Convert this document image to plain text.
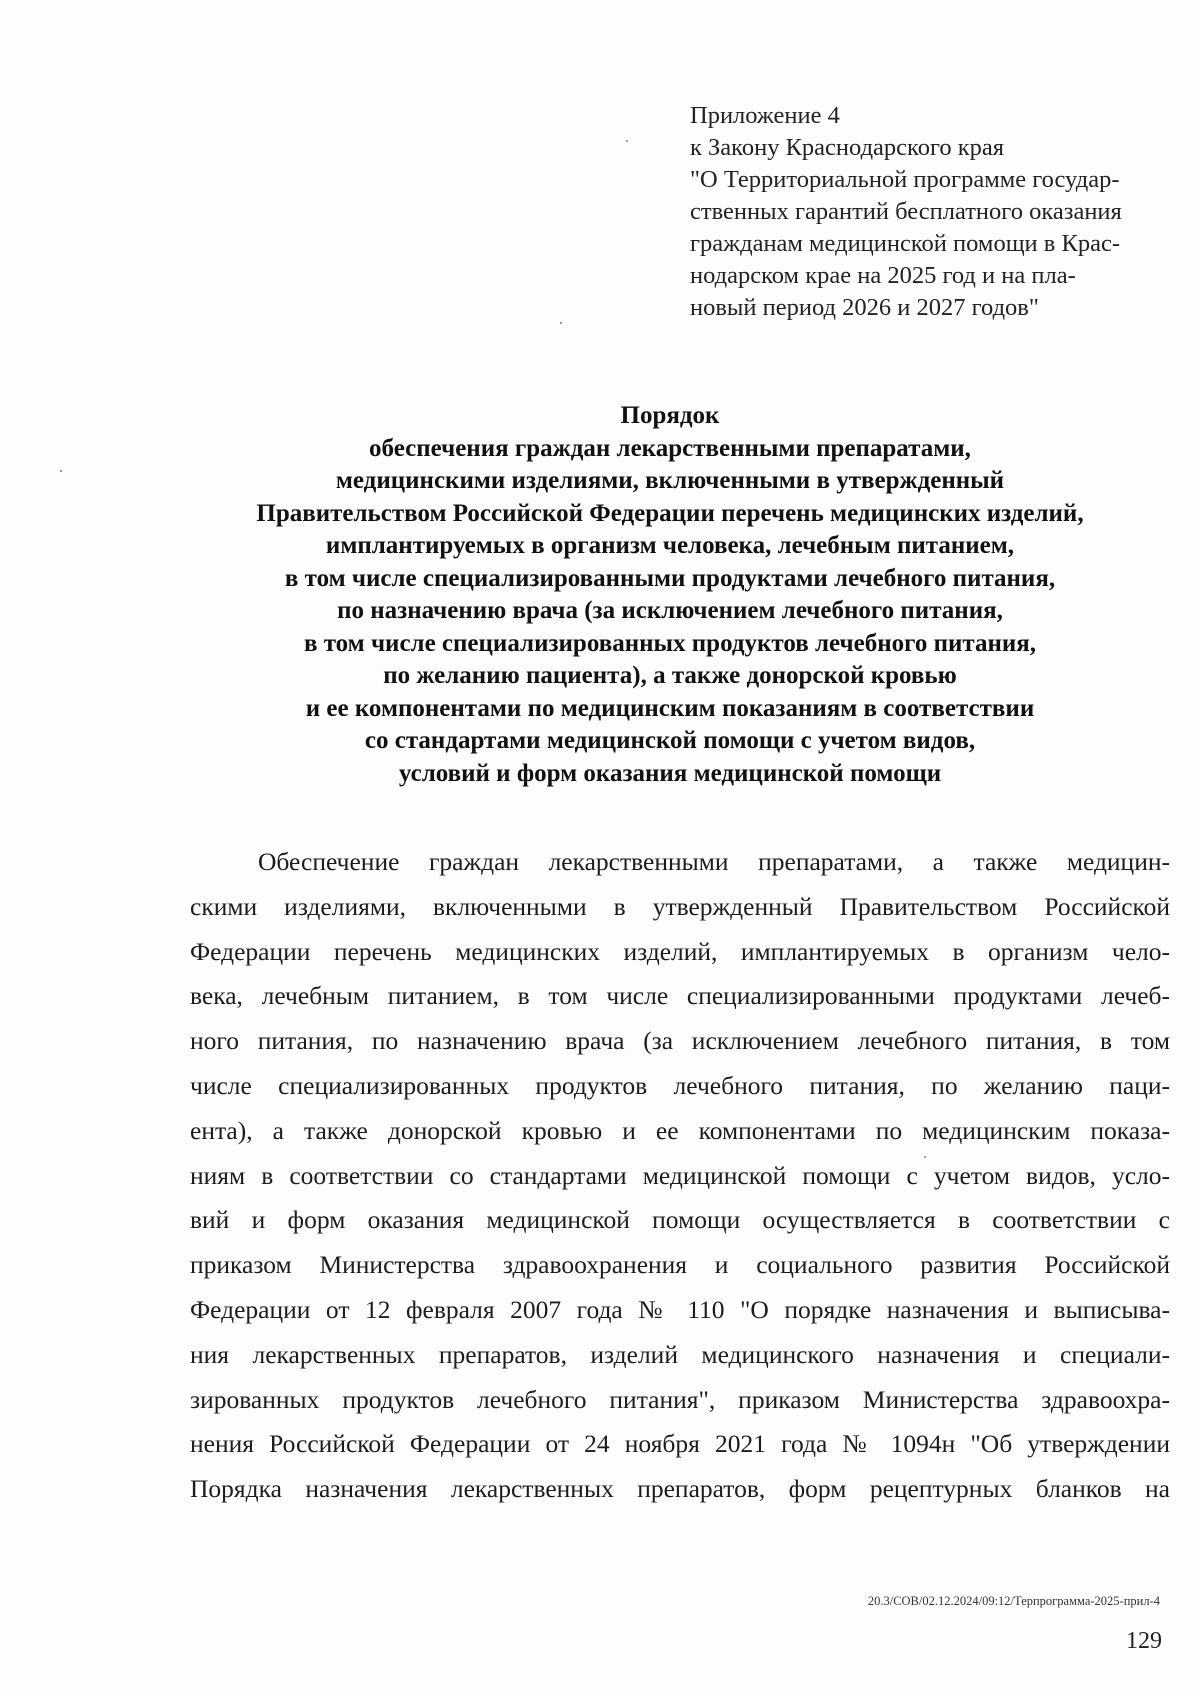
Приложение 4
к Закону Краснодарского края
"О Территориальной программе государ-
ственных гарантий бесплатного оказания
гражданам медицинской помощи в Крас-
нодарском крае на 2025 год и на пла-
новый период 2026 и 2027 годов"
Порядок
обеспечения граждан лекарственными препаратами,
медицинскими изделиями, включенными в утвержденный
Правительством Российской Федерации перечень медицинских изделий,
имплантируемых в организм человека, лечебным питанием,
в том числе специализированными продуктами лечебного питания,
по назначению врача (за исключением лечебного питания,
в том числе специализированных продуктов лечебного питания,
по желанию пациента), а также донорской кровью
и ее компонентами по медицинским показаниям в соответствии
со стандартами медицинской помощи с учетом видов,
условий и форм оказания медицинской помощи
Обеспечение граждан лекарственными препаратами, а также медицин-
скими изделиями, включенными в утвержденный Правительством Российской
Федерации перечень медицинских изделий, имплантируемых в организм чело-
века, лечебным питанием, в том числе специализированными продуктами лечеб-
ного питания, по назначению врача (за исключением лечебного питания, в том
числе специализированных продуктов лечебного питания, по желанию паци-
ента), а также донорской кровью и ее компонентами по медицинским показа-
ниям в соответствии со стандартами медицинской помощи с учетом видов, усло-
вий и форм оказания медицинской помощи осуществляется в соответствии с
приказом Министерства здравоохранения и социального развития Российской
Федерации от 12 февраля 2007 года № 110 "О порядке назначения и выписыва-
ния лекарственных препаратов, изделий медицинского назначения и специали-
зированных продуктов лечебного питания", приказом Министерства здравоохра-
нения Российской Федерации от 24 ноября 2021 года № 1094н "Об утверждении
Порядка назначения лекарственных препаратов, форм рецептурных бланков на
20.3/СОВ/02.12.2024/09:12/Терпрограмма-2025-прил-4
129
